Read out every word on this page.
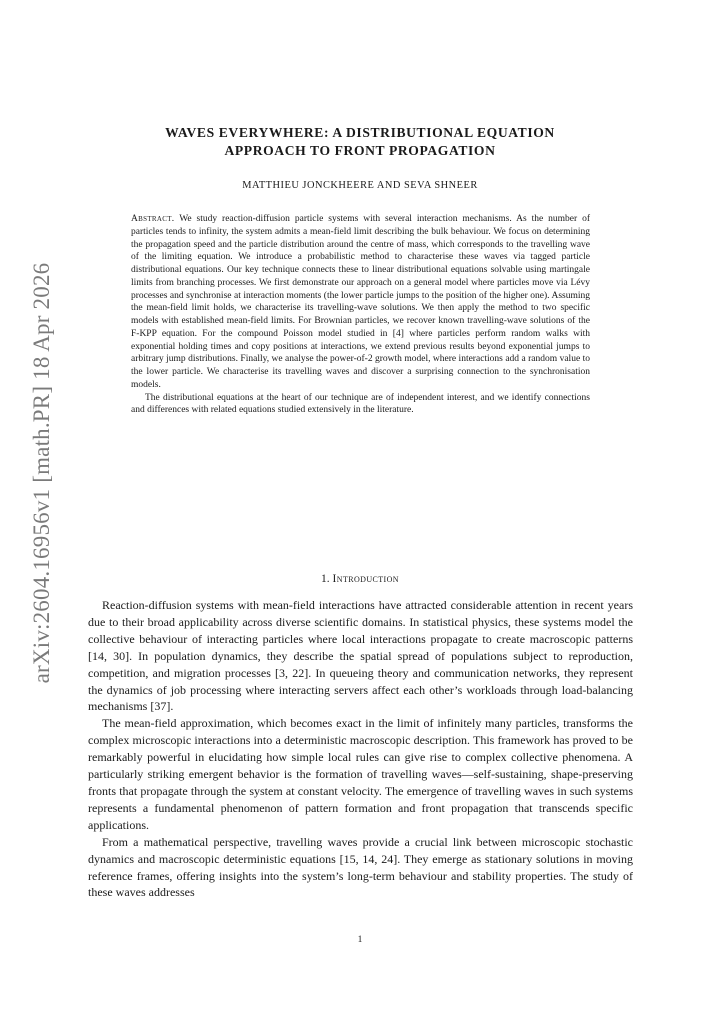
arXiv:2604.16956v1 [math.PR] 18 Apr 2026
WAVES EVERYWHERE: A DISTRIBUTIONAL EQUATION
APPROACH TO FRONT PROPAGATION
MATTHIEU JONCKHEERE AND SEVA SHNEER

Abstract. We study reaction-diffusion particle systems with several interaction mechanisms. As the number of particles tends to infinity, the system admits a mean-field limit describing the bulk behaviour. We focus on determining the propagation speed and the particle distribution around the centre of mass, which corresponds to the travelling wave of the limiting equation. We introduce a probabilistic method to characterise these waves via tagged particle distributional equations. Our key technique connects these to linear distributional equations solvable using martingale limits from branching processes. We first demonstrate our approach on a general model where particles move via Lévy processes and synchronise at interaction moments (the lower particle jumps to the position of the higher one). Assuming the mean-field limit holds, we characterise its travelling-wave solutions. We then apply the method to two specific models with established mean-field limits. For Brownian particles, we recover known travelling-wave solutions of the F-KPP equation. For the compound Poisson model studied in [4] where particles perform random walks with exponential holding times and copy positions at interactions, we extend previous results beyond exponential jumps to arbitrary jump distributions. Finally, we analyse the power-of-2 growth model, where interactions add a random value to the lower particle. We characterise its travelling waves and discover a surprising connection to the synchronisation models.

The distributional equations at the heart of our technique are of independent interest, and we identify connections and differences with related equations studied extensively in the literature.

1. Introduction

Reaction-diffusion systems with mean-field interactions have attracted considerable attention in recent years due to their broad applicability across diverse scientific domains. In statistical physics, these systems model the collective behaviour of interacting particles where local interactions propagate to create macroscopic patterns [14, 30]. In population dynamics, they describe the spatial spread of populations subject to reproduction, competition, and migration processes [3, 22]. In queueing theory and communication networks, they represent the dynamics of job processing where interacting servers affect each other’s workloads through load-balancing mechanisms [37].

The mean-field approximation, which becomes exact in the limit of infinitely many particles, transforms the complex microscopic interactions into a deterministic macroscopic description. This framework has proved to be remarkably powerful in elucidating how simple local rules can give rise to complex collective phenomena. A particularly striking emergent behavior is the formation of travelling waves—self-sustaining, shape-preserving fronts that propagate through the system at constant velocity. The emergence of travelling waves in such systems represents a fundamental phenomenon of pattern formation and front propagation that transcends specific applications.

From a mathematical perspective, travelling waves provide a crucial link between microscopic stochastic dynamics and macroscopic deterministic equations [15, 14, 24]. They emerge as stationary solutions in moving reference frames, offering insights into the system’s long-term behaviour and stability properties. The study of these waves addresses

1
